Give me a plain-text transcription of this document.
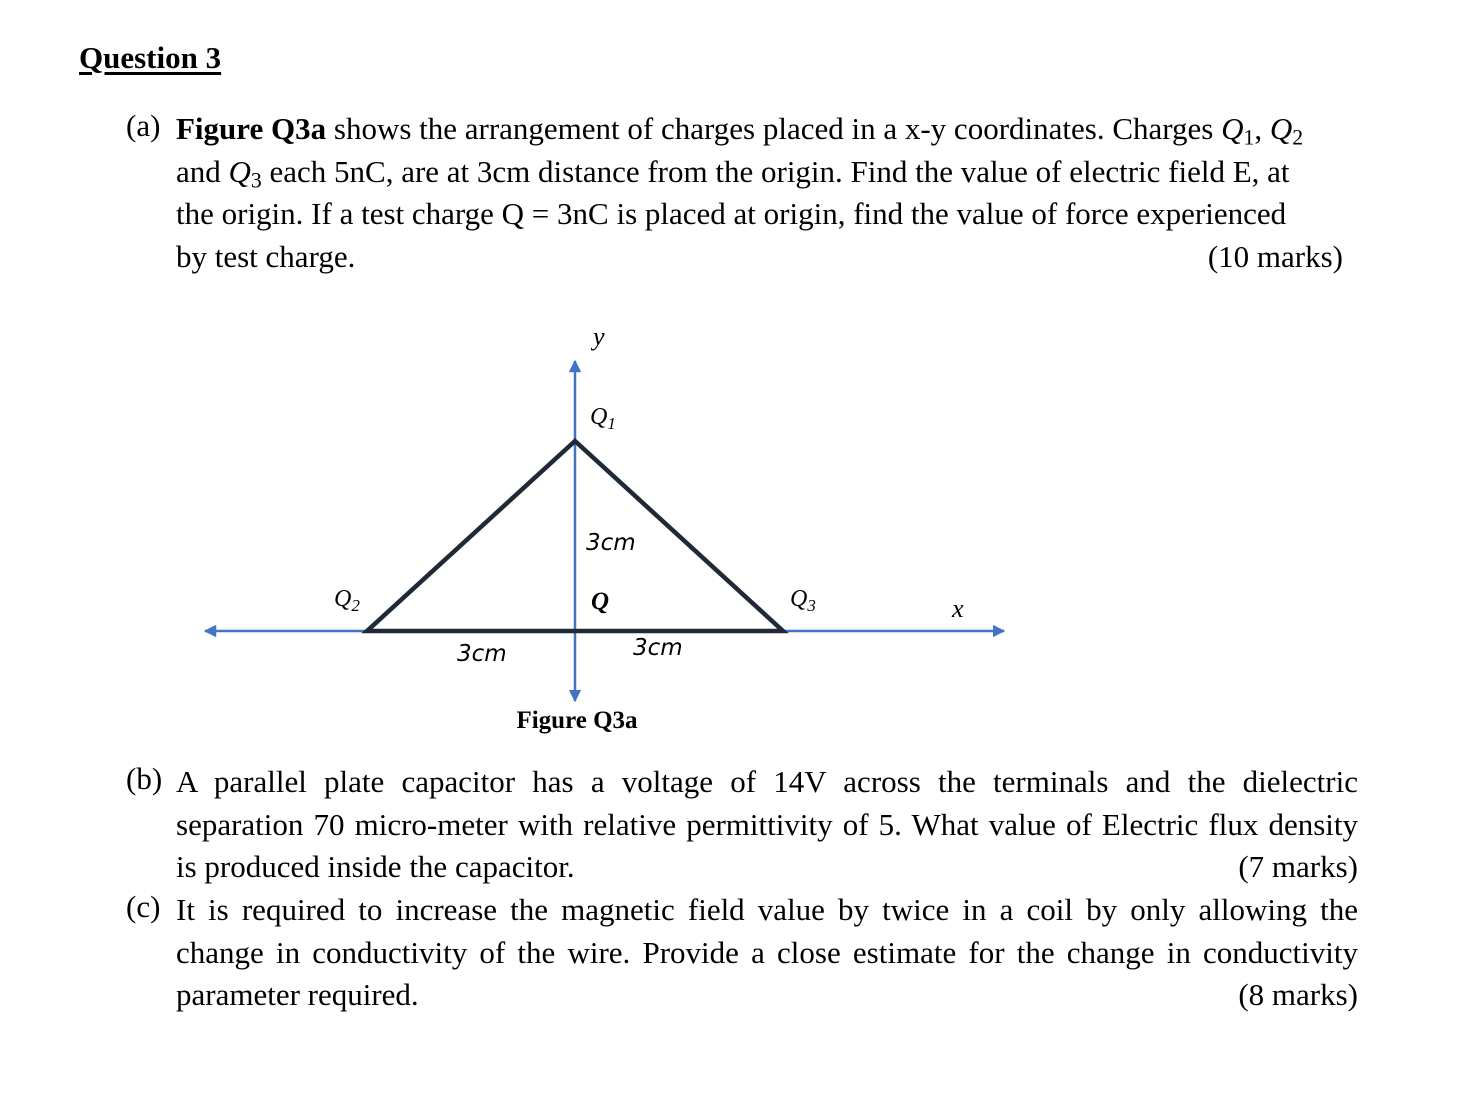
Question 3
(a) Figure Q3a shows the arrangement of charges placed in a x-y coordinates. Charges $Q_1$, $Q_2$
and $Q_3$ each 5nC, are at 3cm distance from the origin. Find the value of electric field E, at
the origin. If a test charge Q = 3nC is placed at origin, find the value of force experienced
by test charge.	(10 marks)
y
x
$Q_1$
$Q_2$	$Q_3$
Q
3cm
3cm	3cm
Figure Q3a
(b) A parallel plate capacitor has a voltage of 14V across the terminals and the dielectric
separation 70 micro-meter with relative permittivity of 5. What value of Electric flux density
is produced inside the capacitor.	(7 marks)
(c) It is required to increase the magnetic field value by twice in a coil by only allowing the
change in conductivity of the wire. Provide a close estimate for the change in conductivity
parameter required.	(8 marks)
